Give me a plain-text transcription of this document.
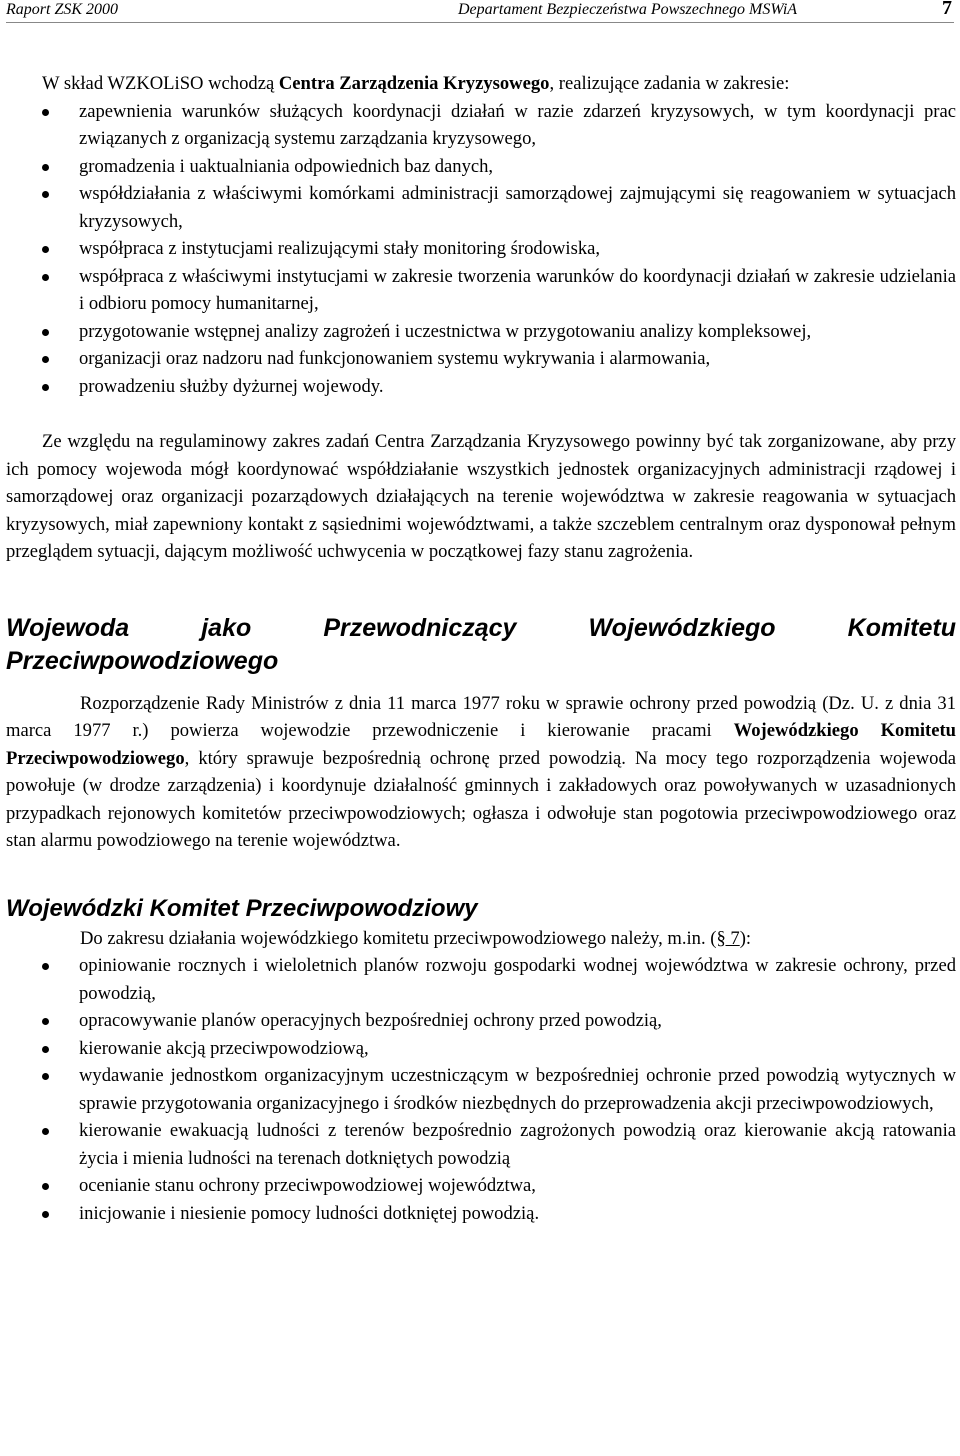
Raport ZSK 2000	Departament Bezpieczeństwa Powszechnego MSWiA	7

W skład WZKOLiSO wchodzą Centra Zarządzenia Kryzysowego, realizujące zadania w zakresie:

zapewnienia warunków służących koordynacji działań w razie zdarzeń kryzysowych, w tym koordynacji prac związanych z organizacją systemu zarządzania kryzysowego,
gromadzenia i uaktualniania odpowiednich baz danych,
współdziałania z właściwymi komórkami administracji samorządowej zajmującymi się reagowaniem w sytuacjach kryzysowych,
współpraca z instytucjami realizującymi stały monitoring środowiska,
współpraca z właściwymi instytucjami w zakresie tworzenia warunków do koordynacji działań w zakresie udzielania i odbioru pomocy humanitarnej,
przygotowanie wstępnej analizy zagrożeń i uczestnictwa w przygotowaniu analizy kompleksowej,
organizacji oraz nadzoru nad funkcjonowaniem systemu wykrywania i alarmowania,
prowadzeniu służby dyżurnej wojewody.

Ze względu na regulaminowy zakres zadań Centra Zarządzania Kryzysowego powinny być tak zorganizowane, aby przy ich pomocy wojewoda mógł koordynować współdziałanie wszystkich jednostek organizacyjnych administracji rządowej i samorządowej oraz organizacji pozarządowych działających na terenie województwa w zakresie reagowania w sytuacjach kryzysowych, miał zapewniony kontakt z sąsiednimi województwami, a także szczeblem centralnym oraz dysponował pełnym przeglądem sytuacji, dającym możliwość uchwycenia w początkowej fazy stanu zagrożenia.

Wojewoda	jako	Przewodniczący	Wojewódzkiego	Komitetu
Przeciwpowodziowego

Rozporządzenie Rady Ministrów z dnia 11 marca 1977 roku w sprawie ochrony przed powodzią (Dz. U. z dnia 31 marca 1977 r.) powierza wojewodzie przewodniczenie i kierowanie pracami Wojewódzkiego Komitetu Przeciwpowodziowego, który sprawuje bezpośrednią ochronę przed powodzią. Na mocy tego rozporządzenia wojewoda powołuje (w drodze zarządzenia) i koordynuje działalność gminnych i zakładowych oraz powoływanych w uzasadnionych przypadkach rejonowych komitetów przeciwpowodziowych; ogłasza i odwołuje stan pogotowia przeciwpowodziowego oraz stan alarmu powodziowego na terenie województwa.

Wojewódzki Komitet Przeciwpowodziowy

Do zakresu działania wojewódzkiego komitetu przeciwpowodziowego należy, m.in. (§ 7):

opiniowanie rocznych i wieloletnich planów rozwoju gospodarki wodnej województwa w zakresie ochrony, przed powodzią,
opracowywanie planów operacyjnych bezpośredniej ochrony przed powodzią,
kierowanie akcją przeciwpowodziową,
wydawanie jednostkom organizacyjnym uczestniczącym w bezpośredniej ochronie przed powodzią wytycznych w sprawie przygotowania organizacyjnego i środków niezbędnych do przeprowadzenia akcji przeciwpowodziowych,
kierowanie ewakuacją ludności z terenów bezpośrednio zagrożonych powodzią oraz kierowanie akcją ratowania życia i mienia ludności na terenach dotkniętych powodzią
ocenianie stanu ochrony przeciwpowodziowej województwa,
inicjowanie i niesienie pomocy ludności dotkniętej powodzią.
